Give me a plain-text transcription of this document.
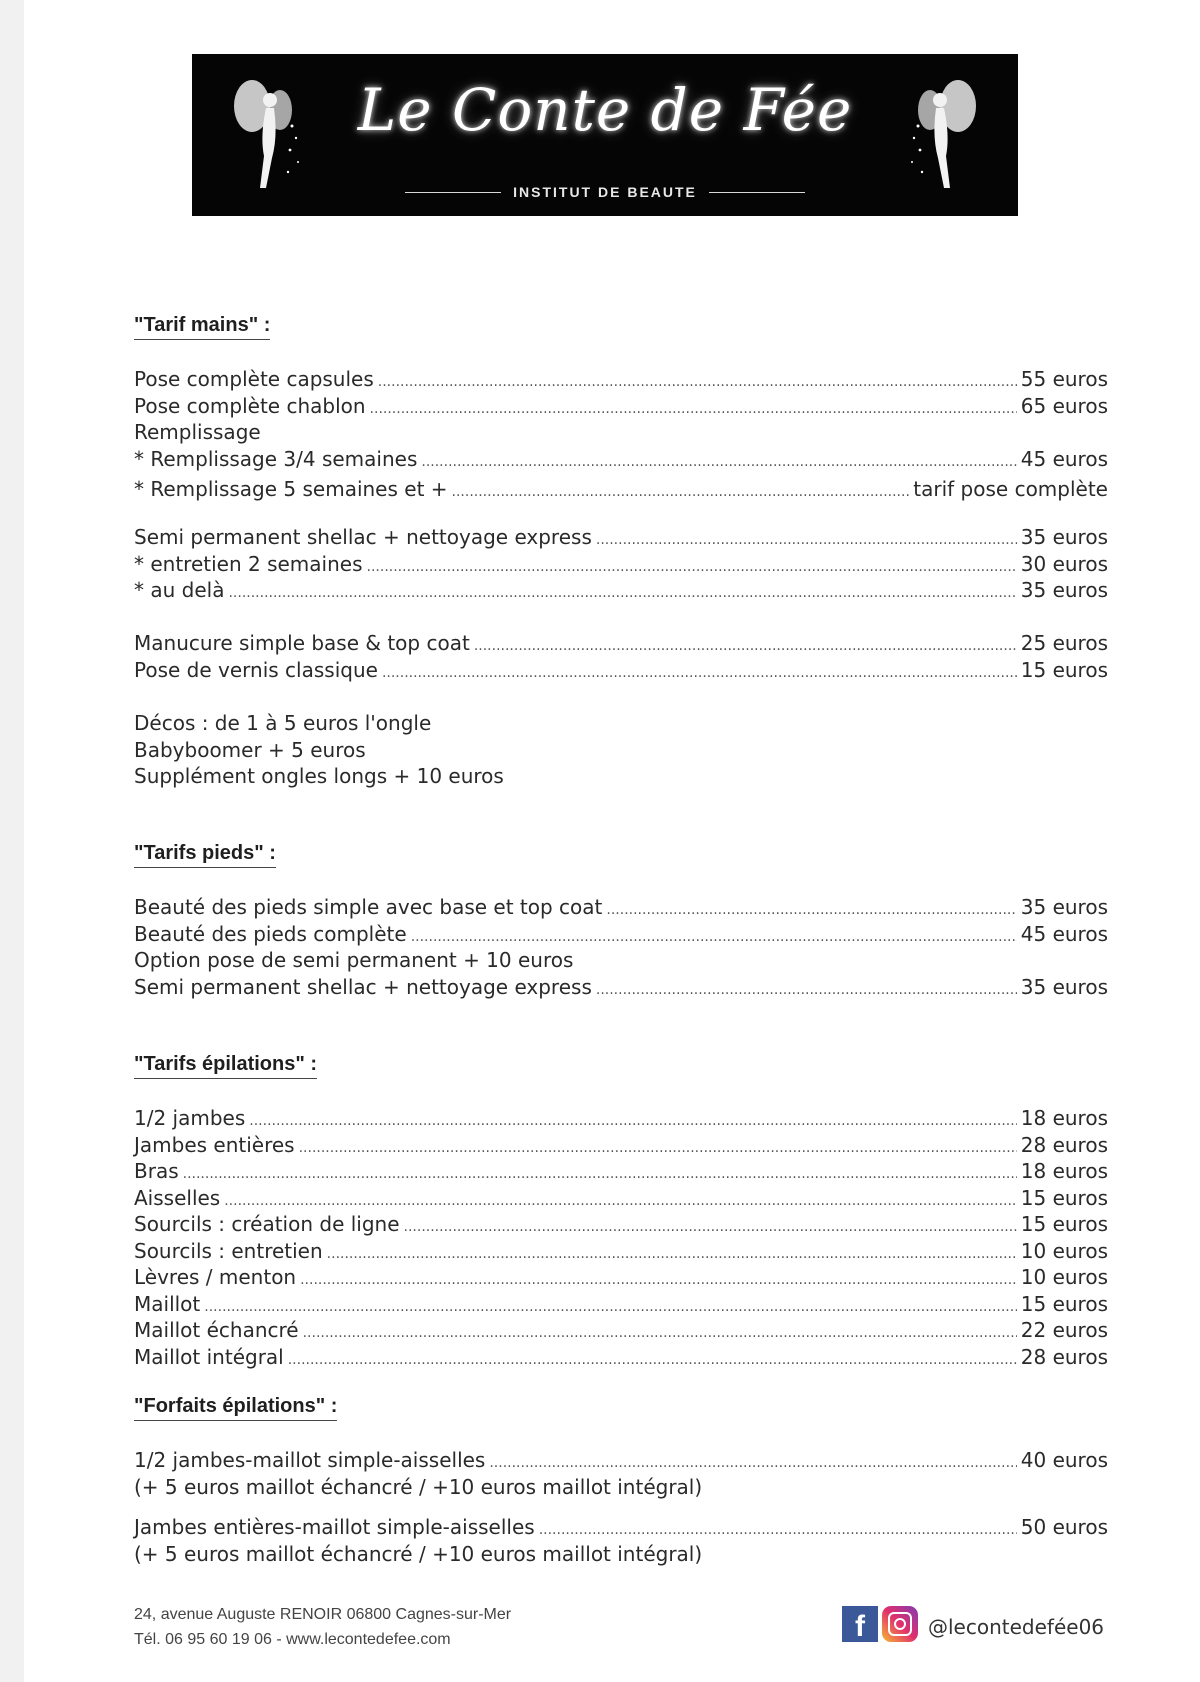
Le Conte de Fée
INSTITUT DE BEAUTE
"Tarif mains" :
Pose complète capsules .....	55 euros
Pose complète chablon .....	65 euros
Remplissage
* Remplissage 3/4 semaines .....	45 euros
* Remplissage 5 semaines et + .....	tarif pose complète
Semi permanent shellac + nettoyage express .....	35 euros
* entretien 2 semaines .....	30 euros
* au delà .....	35 euros
Manucure simple base & top coat .....	25 euros
Pose de vernis classique .....	15 euros
Décos : de 1 à 5 euros l'ongle
Babyboomer + 5 euros
Supplément ongles longs + 10 euros
"Tarifs pieds" :
Beauté des pieds simple avec base et top coat .....	35 euros
Beauté des pieds complète .....	45 euros
Option pose de semi permanent + 10 euros
Semi permanent shellac + nettoyage express .....	35 euros
"Tarifs épilations" :
1/2 jambes .....	18 euros
Jambes entières .....	28 euros
Bras .....	18 euros
Aisselles .....	15 euros
Sourcils : création de ligne .....	15 euros
Sourcils : entretien .....	10 euros
Lèvres / menton .....	10 euros
Maillot .....	15 euros
Maillot échancré .....	22 euros
Maillot intégral .....	28 euros
"Forfaits épilations" :
1/2 jambes-maillot simple-aisselles .....	40 euros
(+ 5 euros maillot échancré / +10 euros maillot intégral)
Jambes entières-maillot simple-aisselles .....	50 euros
(+ 5 euros maillot échancré / +10 euros maillot intégral)
24, avenue Auguste RENOIR 06800 Cagnes-sur-Mer
Tél. 06 95 60 19 06 - www.lecontedefee.com	f	@lecontedefée06
